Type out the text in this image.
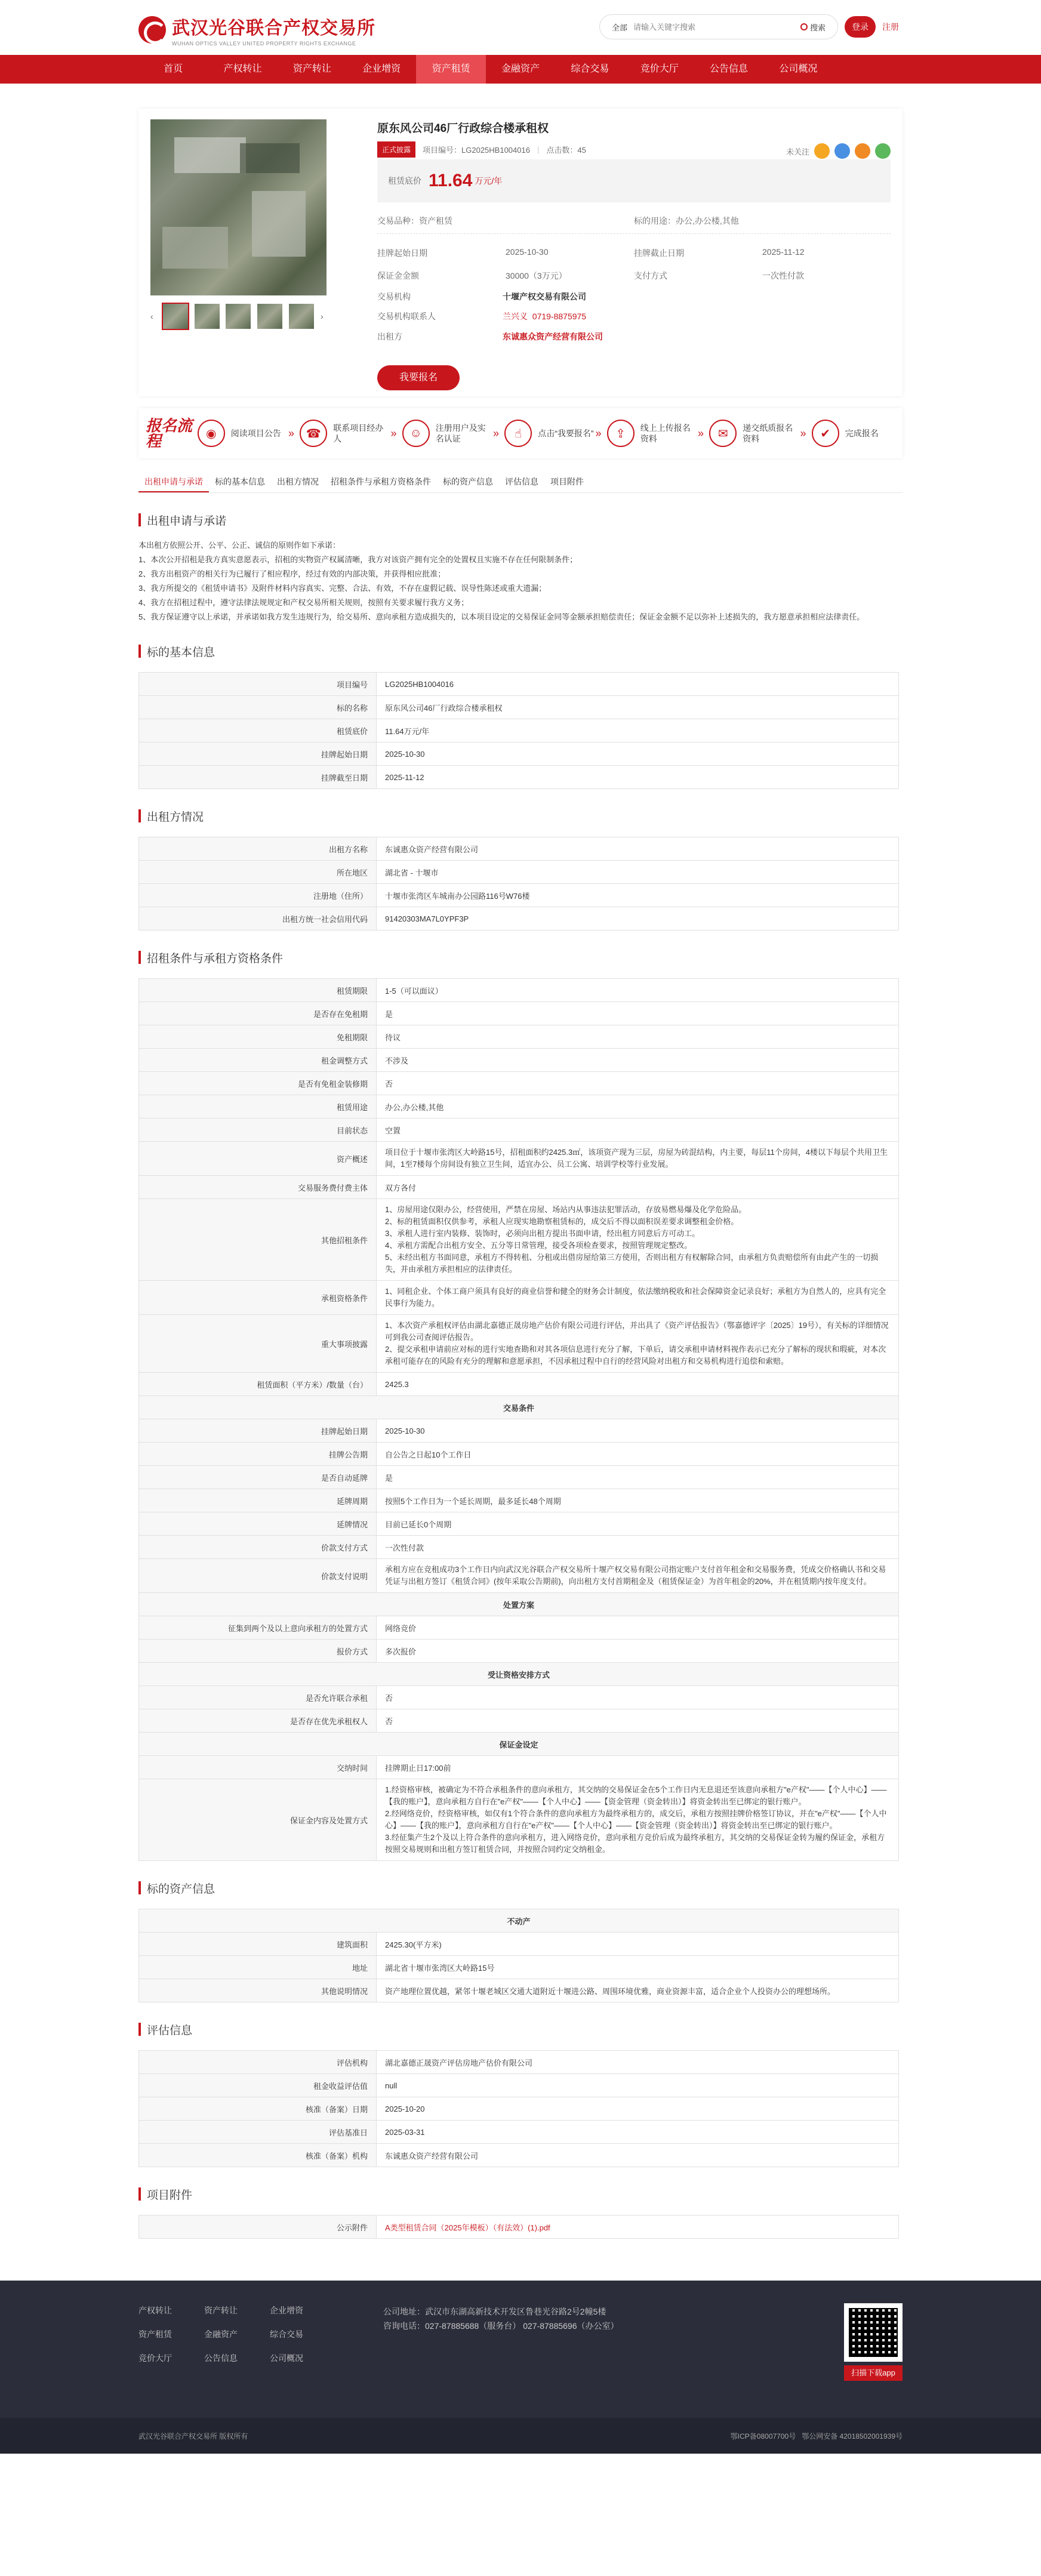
武汉光谷联合产权交易所
WUHAN OPTICS VALLEY UNITED PROPERTY RIGHTS EXCHANGE
全部
请输入关键字搜索	搜索	登录	注册
首页	产权转让	资产转让	企业增资	资产租赁	金融资产	综合交易	竞价大厅	公告信息	公司概况
‹	›
原东风公司46厂行政综合楼承租权
正式披露	项目编号：LG2025HB1004016 | 点击数：45	未关注
租赁底价 11.64 万元/年
交易品种：资产租赁	标的用途：办公,办公楼,其他
挂牌起始日期	2025-10-30	挂牌截止日期	2025-11-12
保证金金额	30000（3万元）	支付方式	一次性付款
交易机构	十堰产权交易有限公司
交易机构联系人	兰兴义 0719-8875975
出租方	东诚惠众资产经营有限公司
我要报名
报名流程	◉	阅读项目公告 » ☎	联系项目经办人	»	☺	注册用户及实名认证	»	☝	点击“我要报名” »	⇪	线上上传报名资料	»	✉	递交纸质报名资料	»	✔	完成报名
出租申请与承诺	标的基本信息	出租方情况	招租条件与承租方资格条件	标的资产信息	评估信息	项目附件
出租申请与承诺
本出租方依照公开、公平、公正、诚信的原则作如下承诺：
1、本次公开招租是我方真实意愿表示，招租的实物资产权属清晰，我方对该资产拥有完全的处置权且实施不存在任何限制条件；
2、我方出租资产的相关行为已履行了相应程序，经过有效的内部决策，并获得相应批准；
3、我方所提交的《租赁申请书》及附件材料内容真实、完整、合法、有效，不存在虚假记载、误导性陈述或重大遗漏；
4、我方在招租过程中，遵守法律法规规定和产权交易所相关规则，按照有关要求履行我方义务；
5、我方保证遵守以上承诺，并承诺如我方发生违规行为，给交易所、意向承租方造成损失的，以本项目设定的交易保证金同等金额承担赔偿责任；保证金金额不足以弥补上述损失的，我方愿意承担相应法律责任。
标的基本信息
项目编号	LG2025HB1004016
标的名称	原东风公司46厂行政综合楼承租权
租赁底价	11.64万元/年
挂牌起始日期	2025-10-30
挂牌截至日期	2025-11-12
出租方情况
出租方名称	东诚惠众资产经营有限公司
所在地区	湖北省 - 十堰市
注册地（住所）	十堰市张湾区车城南办公园路116号W76楼
出租方统一社会信用代码	91420303MA7L0YPF3P
招租条件与承租方资格条件
租赁期限	1-5（可以面议）
是否存在免租期	是
免租期限	待议
租金调整方式	不涉及
是否有免租金装修期	否
租赁用途	办公,办公楼,其他
目前状态	空置
资产概述	项目位于十堰市张湾区大岭路15号，招租面积约2425.3㎡，该项资产现为三层，房屋为砖混结构，内主要，每层11个房间，4楼以下每层个共用卫生间，1至7楼每个房间设有独立卫生间，适宜办公、员工公寓、培训学校等行业发展。
交易服务费付费主体	双方各付
其他招租条件	1、房屋用途仅限办公，经营使用，严禁在房屋、场站内从事违法犯罪活动，存放易燃易爆及化学危险品。
2、标的租赁面积仅供参考，承租人应现实地勘察租赁标的，成交后不得以面积误差要求调整租金价格。
3、承租人进行室内装修、装饰时，必须向出租方提出书面申请，经出租方同意后方可动工。
4、承租方需配合出租方安全、五分等日常管理，接受各项检查要求，按照管理规定整改。
5、未经出租方书面同意，承租方不得转租、分租或出借房屋给第三方使用，否则出租方有权解除合同，由承租方负责赔偿所有由此产生的一切损失，并由承租方承担相应的法律责任。
承租资格条件	1、同租企业、个体工商户须具有良好的商业信誉和健全的财务会计制度，依法缴纳税收和社会保障资金记录良好；承租方为自然人的，应具有完全民事行为能力。
重大事项披露	1、本次资产承租权评估由湖北嘉德正晟房地产估价有限公司进行评估，并出具了《资产评估报告》（鄂嘉德评字〔2025〕19号），有关标的详细情况可到我公司查阅评估报告。
2、提交承租申请前应对标的进行实地查勘和对其各项信息进行充分了解，下单后，请交承租申请材料视作表示已充分了解标的现状和瑕疵，对本次承租可能存在的风险有充分的理解和意愿承担，不因承租过程中自行的经营风险对出租方和交易机构进行追偿和索赔。
租赁面积（平方米）/数量（台）	2425.3
交易条件	
挂牌起始日期	2025-10-30
挂牌公告期	自公告之日起10个工作日
是否自动延牌	是
延牌周期	按照5个工作日为一个延长周期，最多延长48个周期
延牌情况	目前已延长0个周期
价款支付方式	一次性付款
价款支付说明	承租方应在竞租成功3个工作日内向武汉光谷联合产权交易所十堰产权交易有限公司指定账户支付首年租金和交易服务费，凭成交价格确认书和交易凭证与出租方签订《租赁合同》(按年采取公告期前)，向出租方支付首期租金及（租赁保证金）为首年租金的20%，并在租赁期内按年度支付。
处置方案	
征集到两个及以上意向承租方的处置方式	网络竞价
报价方式	多次报价
受让资格安排方式	
是否允许联合承租	否
是否存在优先承租权人	否
保证金设定	
交纳时间	挂牌期止日17:00前
保证金内容及处置方式	1.经资格审核，被确定为不符合承租条件的意向承租方，其交纳的交易保证金在5个工作日内无息退还至该意向承租方"e产权"——【个人中心】——【我的账户】，意向承租方自行在"e产权"——【个人中心】——【资金管理（资金转出）】将资金转出至已绑定的银行账户。
2.经网络竞价，经资格审核，如仅有1个符合条件的意向承租方为最终承租方的，成交后，承租方按照挂牌价格签订协议，并在"e产权"——【个人中心】——【我的账户】，意向承租方自行在"e产权"——【个人中心】——【资金管理（资金转出）】将资金转出至已绑定的银行账户。
3.经征集产生2个及以上符合条件的意向承租方，进入网络竞价，意向承租方竞价后成为最终承租方，其交纳的交易保证金转为履约保证金，承租方按照交易规则和出租方签订租赁合同，并按照合同约定交纳租金。
标的资产信息
不动产	
建筑面积	2425.30(平方米)
地址	湖北省十堰市张湾区大岭路15号
其他说明情况	资产地理位置优越，紧邻十堰老城区交通大道附近十堰进公路、周围环境优雅，商业资源丰富，适合企业个人投资办公的理想场所。
评估信息
评估机构	湖北嘉德正晟资产评估房地产估价有限公司
租金收益评估值	null
核准（备案）日期	2025-10-20
评估基准日	2025-03-31
核准（备案）机构	东诚惠众资产经营有限公司
项目附件
公示附件	A类型租赁合同（2025年模板）（有法效）(1).pdf
产权转让	资产转让	企业增资
资产租赁	金融资产	综合交易
竞价大厅	公告信息	公司概况
公司地址：武汉市东湖高新技术开发区鲁巷光谷路2号2幢5楼
咨询电话：027-87885688（服务台） 027-87885696（办公室）
扫描下载app
武汉光谷联合产权交易所 版权所有	鄂ICP备08007700号 鄂公网安备 42018502001939号
